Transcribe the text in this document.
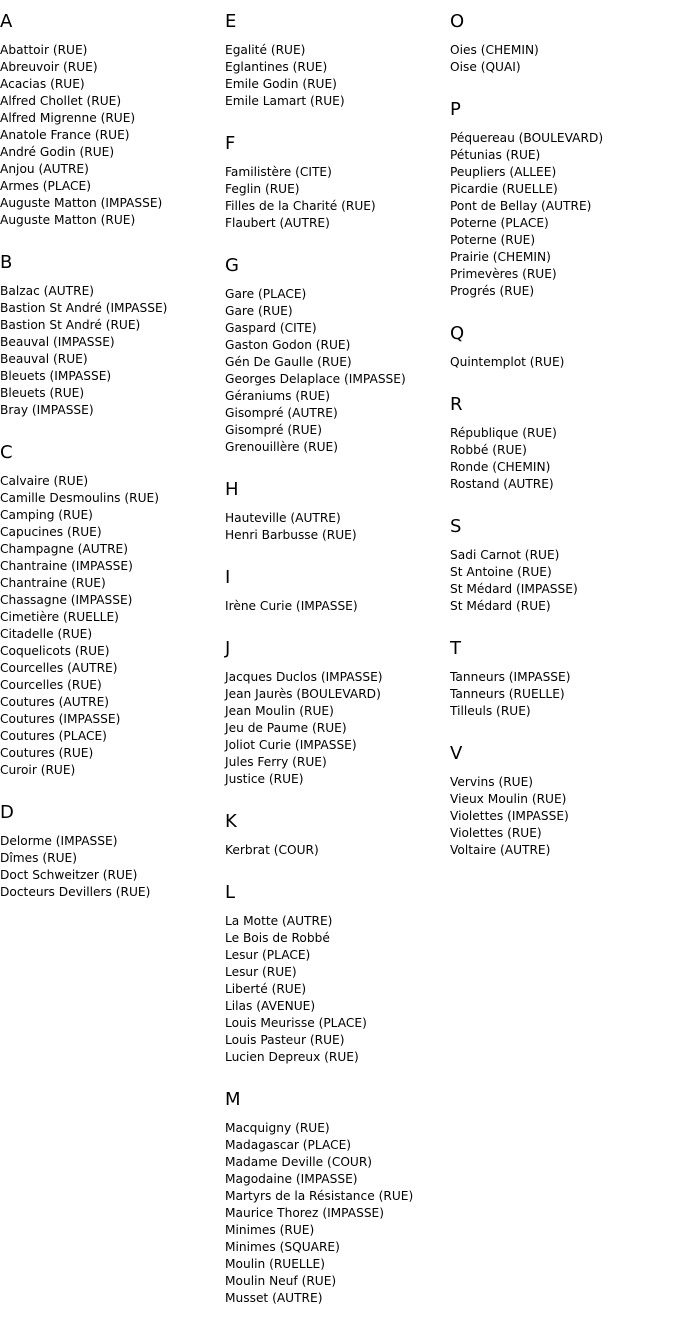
A
Abattoir (RUE)
Abreuvoir (RUE)
Acacias (RUE)
Alfred Chollet (RUE)
Alfred Migrenne (RUE)
Anatole France (RUE)
André Godin (RUE)
Anjou (AUTRE)
Armes (PLACE)
Auguste Matton (IMPASSE)
Auguste Matton (RUE)
B
Balzac (AUTRE)
Bastion St André (IMPASSE)
Bastion St André (RUE)
Beauval (IMPASSE)
Beauval (RUE)
Bleuets (IMPASSE)
Bleuets (RUE)
Bray (IMPASSE)
C
Calvaire (RUE)
Camille Desmoulins (RUE)
Camping (RUE)
Capucines (RUE)
Champagne (AUTRE)
Chantraine (IMPASSE)
Chantraine (RUE)
Chassagne (IMPASSE)
Cimetière (RUELLE)
Citadelle (RUE)
Coquelicots (RUE)
Courcelles (AUTRE)
Courcelles (RUE)
Coutures (AUTRE)
Coutures (IMPASSE)
Coutures (PLACE)
Coutures (RUE)
Curoir (RUE)
D
Delorme (IMPASSE)
Dîmes (RUE)
Doct Schweitzer (RUE)
Docteurs Devillers (RUE)
E
Egalité (RUE)
Eglantines (RUE)
Emile Godin (RUE)
Emile Lamart (RUE)
F
Familistère (CITE)
Feglin (RUE)
Filles de la Charité (RUE)
Flaubert (AUTRE)
G
Gare (PLACE)
Gare (RUE)
Gaspard (CITE)
Gaston Godon (RUE)
Gén De Gaulle (RUE)
Georges Delaplace (IMPASSE)
Géraniums (RUE)
Gisompré (AUTRE)
Gisompré (RUE)
Grenouillère (RUE)
H
Hauteville (AUTRE)
Henri Barbusse (RUE)
I
Irène Curie (IMPASSE)
J
Jacques Duclos (IMPASSE)
Jean Jaurès (BOULEVARD)
Jean Moulin (RUE)
Jeu de Paume (RUE)
Joliot Curie (IMPASSE)
Jules Ferry (RUE)
Justice (RUE)
K
Kerbrat (COUR)
L
La Motte (AUTRE)
Le Bois de Robbé
Lesur (PLACE)
Lesur (RUE)
Liberté (RUE)
Lilas (AVENUE)
Louis Meurisse (PLACE)
Louis Pasteur (RUE)
Lucien Depreux (RUE)
M
Macquigny (RUE)
Madagascar (PLACE)
Madame Deville (COUR)
Magodaine (IMPASSE)
Martyrs de la Résistance (RUE)
Maurice Thorez (IMPASSE)
Minimes (RUE)
Minimes (SQUARE)
Moulin (RUELLE)
Moulin Neuf (RUE)
Musset (AUTRE)
O
Oies (CHEMIN)
Oise (QUAI)
P
Péquereau (BOULEVARD)
Pétunias (RUE)
Peupliers (ALLEE)
Picardie (RUELLE)
Pont de Bellay (AUTRE)
Poterne (PLACE)
Poterne (RUE)
Prairie (CHEMIN)
Primevères (RUE)
Progrés (RUE)
Q
Quintemplot (RUE)
R
République (RUE)
Robbé (RUE)
Ronde (CHEMIN)
Rostand (AUTRE)
S
Sadi Carnot (RUE)
St Antoine (RUE)
St Médard (IMPASSE)
St Médard (RUE)
T
Tanneurs (IMPASSE)
Tanneurs (RUELLE)
Tilleuls (RUE)
V
Vervins (RUE)
Vieux Moulin (RUE)
Violettes (IMPASSE)
Violettes (RUE)
Voltaire (AUTRE)
